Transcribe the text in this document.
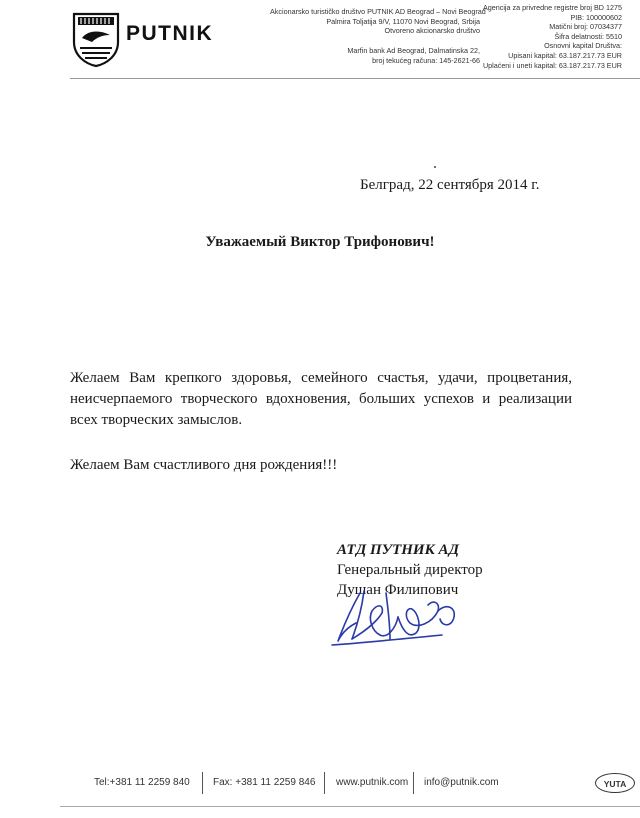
PUTNIK
Akcionarsko turističko društvo PUTNIK AD Beograd – Novi Beograd
Palmira Toljatija 9/V, 11070 Novi Beograd, Srbija
Otvoreno akcionarsko društvo
Marfin bank Ad Beograd, Dalmatinska 22,
broj tekućeg računa: 145-2621-66
Agencija za privredne registre broj BD 1275
PIB: 100000602
Matični broj: 07034377
Šifra delatnosti: 5510
Osnovni kapital Društva:
Upisani kapital: 63.187.217.73 EUR
Uplaćeni i uneti kapital: 63.187.217.73 EUR
Белград, 22 сентября 2014 г.
Уважаемый Виктор Трифонович!
Желаем Вам крепкого здоровья, семейного счастья, удачи, процветания, неисчерпаемого творческого вдохновения, больших успехов и реализации всех творческих замыслов.
Желаем Вам счастливого дня рождения!!!
АТД ПУТНИК АД
Генеральный директор
Душан Филипович
Tel:+381 11 2259 840 Fax: +381 11 2259 846 www.putnik.com info@putnik.com	YUTA
